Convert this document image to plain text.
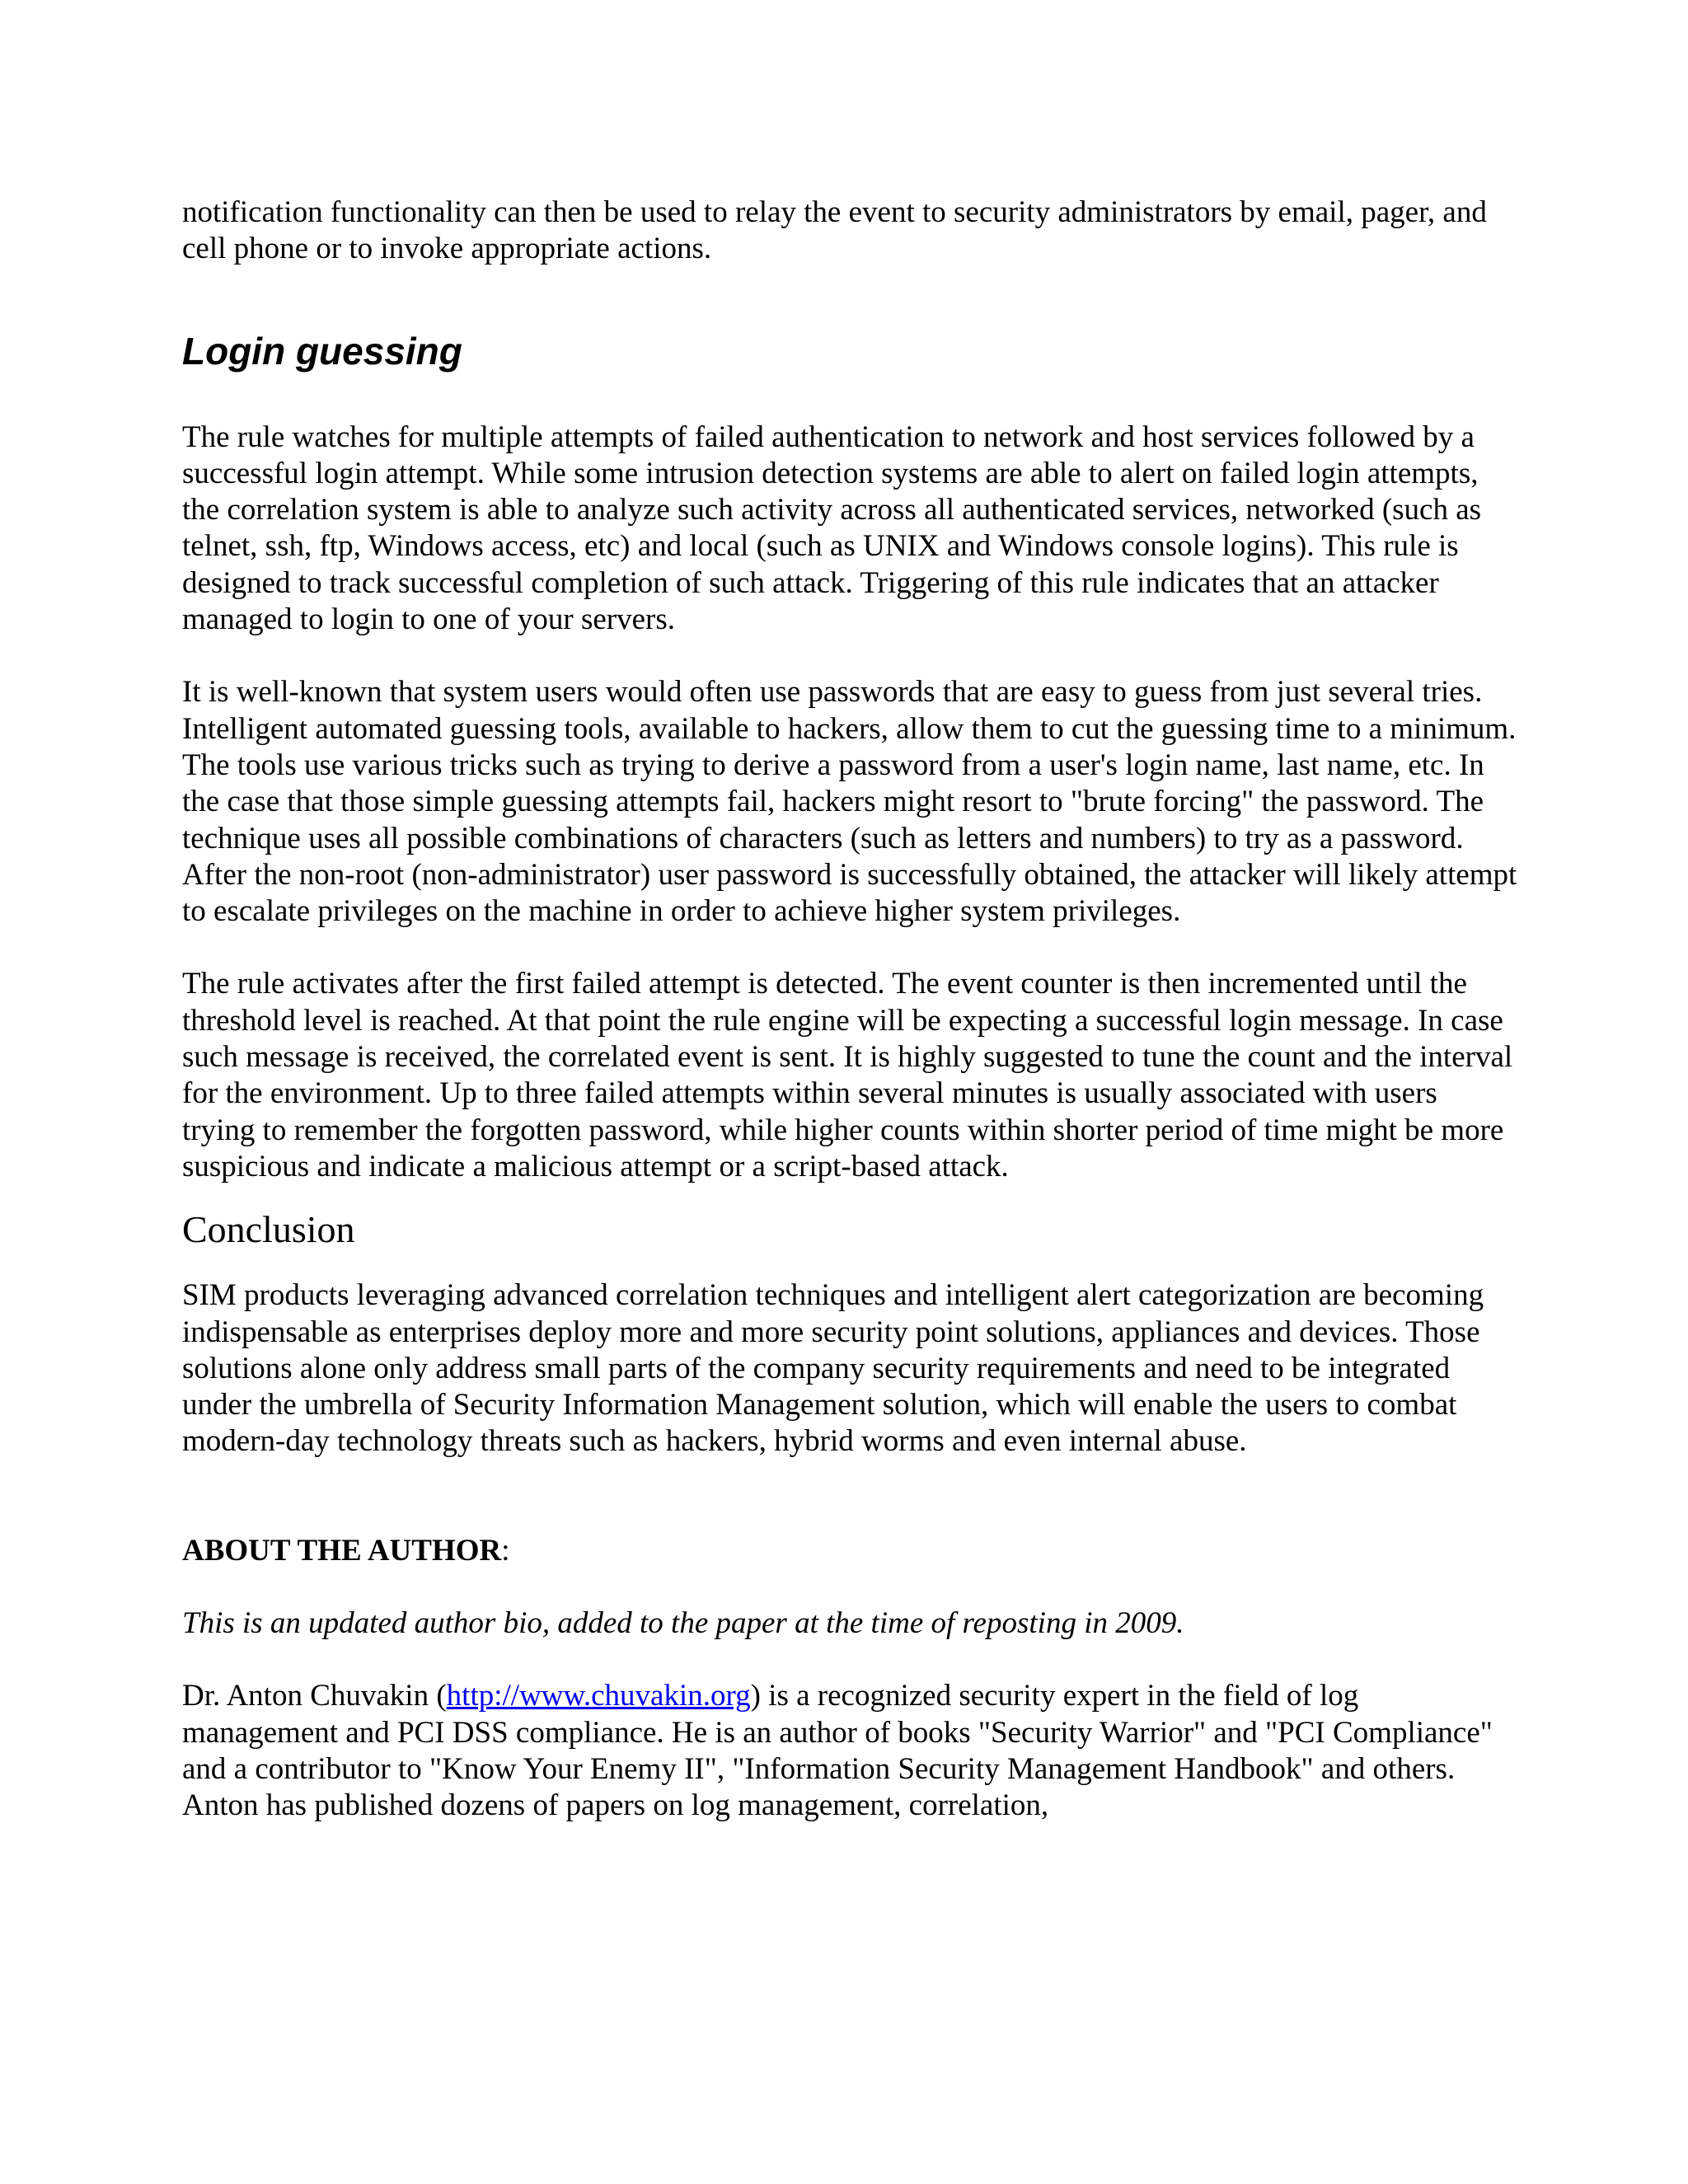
notification functionality can then be used to relay the event to security administrators by email, pager, and cell phone or to invoke appropriate actions.

Login guessing

The rule watches for multiple attempts of failed authentication to network and host services followed by a successful login attempt. While some intrusion detection systems are able to alert on failed login attempts, the correlation system is able to analyze such activity across all authenticated services, networked (such as telnet, ssh, ftp, Windows access, etc) and local (such as UNIX and Windows console logins). This rule is designed to track successful completion of such attack. Triggering of this rule indicates that an attacker managed to login to one of your servers.

It is well-known that system users would often use passwords that are easy to guess from just several tries. Intelligent automated guessing tools, available to hackers, allow them to cut the guessing time to a minimum. The tools use various tricks such as trying to derive a password from a user's login name, last name, etc. In the case that those simple guessing attempts fail, hackers might resort to "brute forcing" the password. The technique uses all possible combinations of characters (such as letters and numbers) to try as a password. After the non-root (non-administrator) user password is successfully obtained, the attacker will likely attempt to escalate privileges on the machine in order to achieve higher system privileges.

The rule activates after the first failed attempt is detected. The event counter is then incremented until the threshold level is reached. At that point the rule engine will be expecting a successful login message. In case such message is received, the correlated event is sent. It is highly suggested to tune the count and the interval for the environment. Up to three failed attempts within several minutes is usually associated with users trying to remember the forgotten password, while higher counts within shorter period of time might be more suspicious and indicate a malicious attempt or a script-based attack.

Conclusion

SIM products leveraging advanced correlation techniques and intelligent alert categorization are becoming indispensable as enterprises deploy more and more security point solutions, appliances and devices. Those solutions alone only address small parts of the company security requirements and need to be integrated under the umbrella of Security Information Management solution, which will enable the users to combat modern-day technology threats such as hackers, hybrid worms and even internal abuse.

ABOUT THE AUTHOR:

This is an updated author bio, added to the paper at the time of reposting in 2009.

Dr. Anton Chuvakin (http://www.chuvakin.org) is a recognized security expert in the field of log management and PCI DSS compliance. He is an author of books "Security Warrior" and "PCI Compliance" and a contributor to "Know Your Enemy II", "Information Security Management Handbook" and others. Anton has published dozens of papers on log management, correlation,
